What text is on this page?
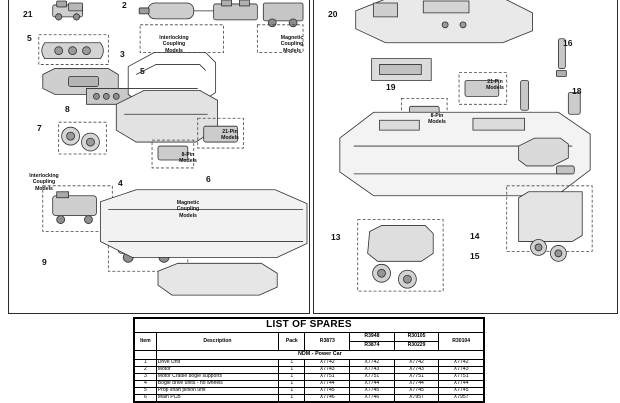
21
2
5
3
5
8
7
4	6
9
Interlocking
Coupling
Models
Magnetic
Coupling
Models
21-Pin
Models
8-Pin
Models
Interlocking
Coupling
Models
Magnetic
Coupling
Models
20
16
19	18
13	14
15
21-Pin
Models
8-Pin
Models
LIST OF SPARES						
Item	Description	Pack	R3873	R3948	R30105	R30104
				R3874	R30229	
	NDM - Power Car					
1	Drive Unit	1	X7742	X7742	X7742	X7742
2	Motor	1	X7743	X7743	X7743	X7743
3	Motor Cradle bogie supports	1	X7751	X7751	X7751	X7751
4	Bogie drive units - no wheels	1	X7744	X7744	X7744	X7744
5	Prop shaft pinion unit	1	X7745	X7745	X7745	X7745
6	Main PCB	1	X7746	X7746	X7957	X7957
